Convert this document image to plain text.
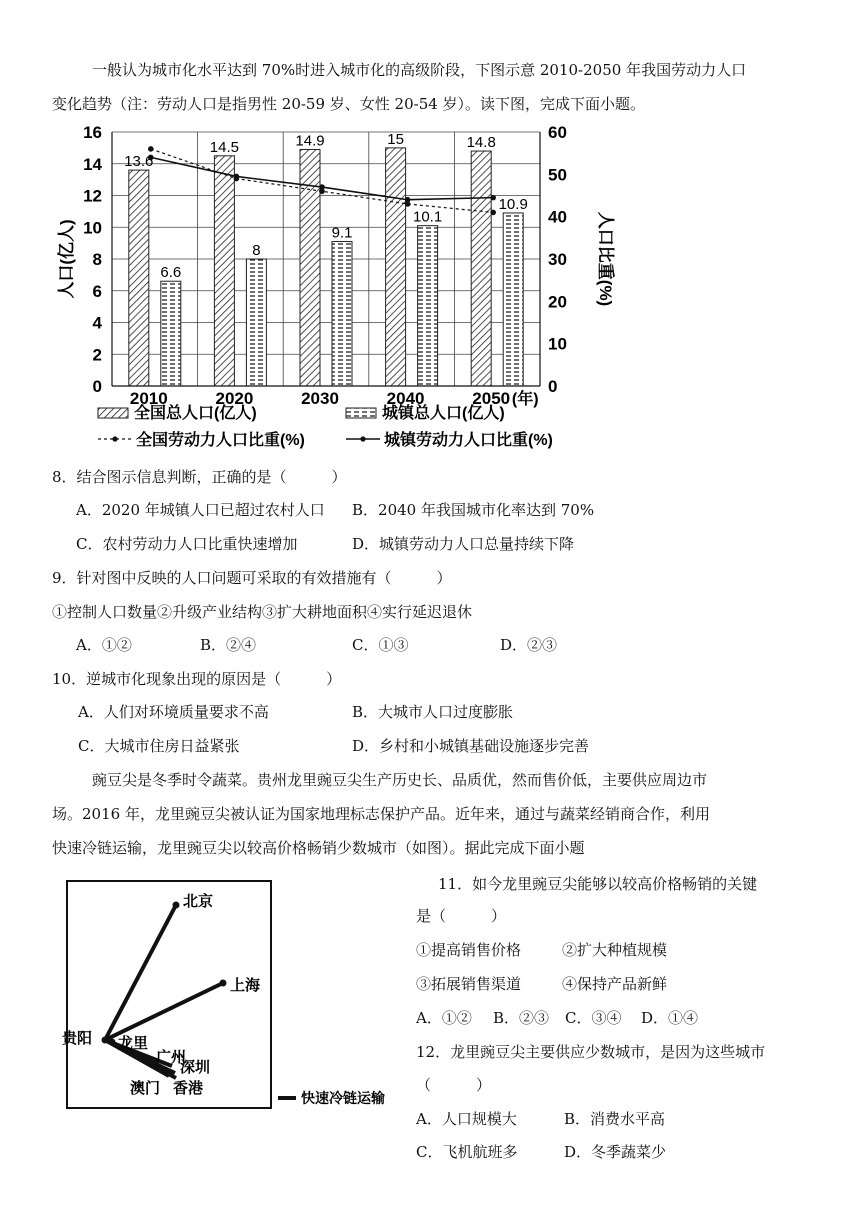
一般认为城市化水平达到 70%时进入城市化的高级阶段，下图示意 2010-2050 年我国劳动力人口
变化趋势（注：劳动人口是指男性 20-59 岁、女性 20-54 岁）。读下图，完成下面小题。
13.6
14.5	14.9	15	14.8
6.6
8
9.1
10.1
10.9
0
2
4
6
8
10
12
14
16
0
10
20
30
40
50
60
2010	2020	2030	2040	2050 (年)
人口(亿人)	人口比重(%)
全国总人口(亿人)	城镇总人口(亿人)
全国劳动力人口比重(%)	城镇劳动力人口比重(%)
8．结合图示信息判断，正确的是（　　　）
A．2020 年城镇人口已超过农村人口 B．2040 年我国城市化率达到 70%
C．农村劳动力人口比重快速增加	D．城镇劳动力人口总量持续下降
9．针对图中反映的人口问题可采取的有效措施有（　　　）
①控制人口数量②升级产业结构③扩大耕地面积④实行延迟退休
A．①②	B．②④	C．①③	D．②③
10．逆城市化现象出现的原因是（　　　）
A．人们对环境质量要求不高	B．大城市人口过度膨胀
C．大城市住房日益紧张	D．乡村和小城镇基础设施逐步完善
豌豆尖是冬季时令蔬菜。贵州龙里豌豆尖生产历史长、品质优，然而售价低，主要供应周边市
场。2016 年，龙里豌豆尖被认证为国家地理标志保护产品。近年来，通过与蔬菜经销商合作，利用
快速冷链运输，龙里豌豆尖以较高价格畅销少数城市（如图）。据此完成下面小题
北京
上海
贵阳 龙里
广州
深圳
澳门 香港
快速冷链运输
11．如今龙里豌豆尖能够以较高价格畅销的关键
是（　　　）
①提高销售价格	②扩大种植规模
③拓展销售渠道	④保持产品新鲜
A．①② B．②③ C．③④ D．①④
12．龙里豌豆尖主要供应少数城市，是因为这些城市
（　　　）
A．人口规模大	B．消费水平高
C．飞机航班多	D．冬季蔬菜少
